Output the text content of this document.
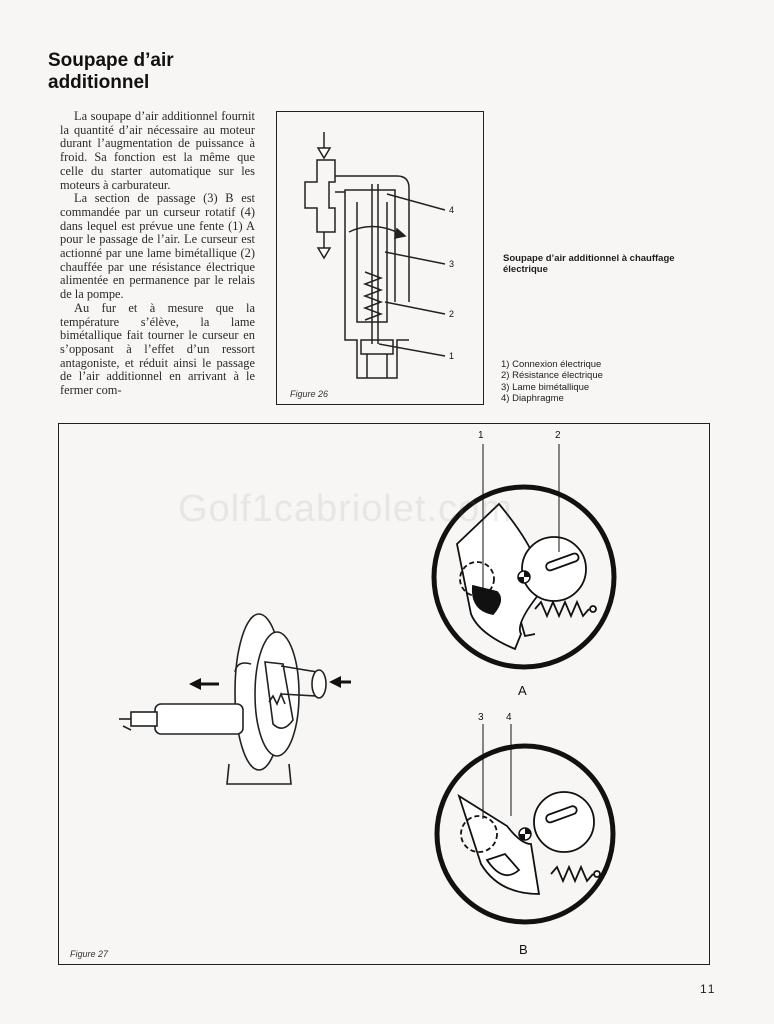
Soupape d’air additionnel

La soupape d’air additionnel fournit la quantité d’air nécessaire au moteur durant l’augmentation de puissance à froid. Sa fonction est la même que celle du starter automatique sur les moteurs à carburateur.

La section de passage (3) B est commandée par un curseur rotatif (4) dans lequel est prévue une fente (1) A pour le passage de l’air. Le curseur est actionné par une lame bimétallique (2) chauffée par une résistance électrique alimentée en permanence par le relais de la pompe.

Au fur et à mesure que la température s’élève, la lame bimétallique fait tourner le curseur en s’opposant à l’effet d’un ressort antagoniste, et réduit ainsi le passage de l’air additionnel en arrivant à le fermer com-

4
3
2
1
Figure 26
Soupape d’air additionnel à chauffage électrique
1) Connexion électrique
2) Résistance électrique
3) Lame bimétallique
4) Diaphragme
1	2
3 4
A
B
Figure 27
Golf1cabriolet.com
11
